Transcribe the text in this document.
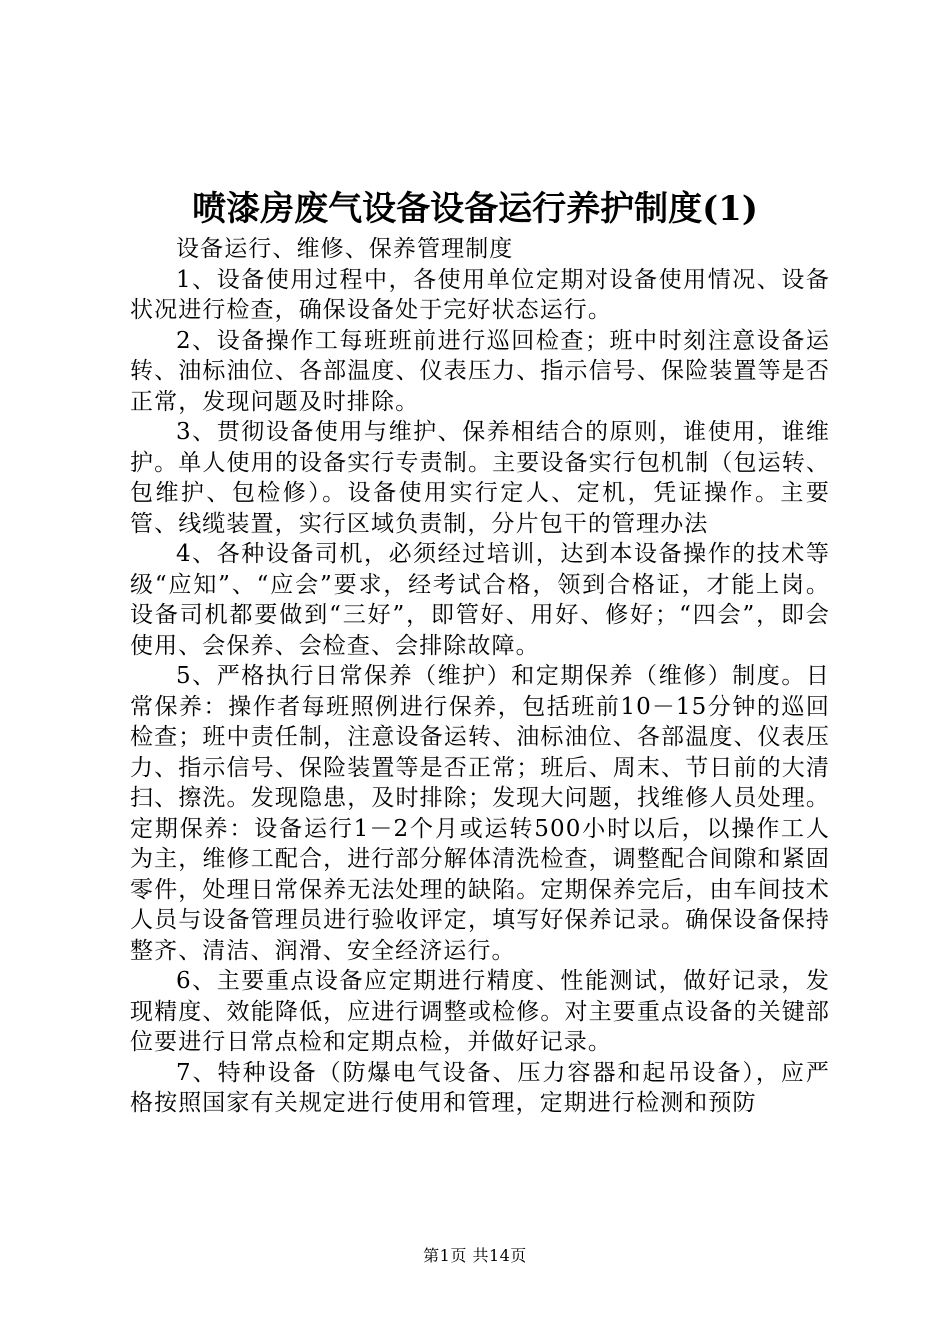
喷漆房废气设备设备运行养护制度(1)

设备运行、维修、保养管理制度

1、设备使用过程中，各使用单位定期对设备使用情况、设备状况进行检查，确保设备处于完好状态运行。

2、设备操作工每班班前进行巡回检查；班中时刻注意设备运转、油标油位、各部温度、仪表压力、指示信号、保险装置等是否正常，发现问题及时排除。

3、贯彻设备使用与维护、保养相结合的原则，谁使用，谁维护。单人使用的设备实行专责制。主要设备实行包机制（包运转、包维护、包检修）。设备使用实行定人、定机，凭证操作。主要管、线缆装置，实行区域负责制，分片包干的管理办法

4、各种设备司机，必须经过培训，达到本设备操作的技术等级“应知”、“应会”要求，经考试合格，领到合格证，才能上岗。设备司机都要做到“三好”，即管好、用好、修好；“四会”，即会使用、会保养、会检查、会排除故障。

5、严格执行日常保养（维护）和定期保养（维修）制度。日常保养：操作者每班照例进行保养，包括班前10－15分钟的巡回检查；班中责任制，注意设备运转、油标油位、各部温度、仪表压力、指示信号、保险装置等是否正常；班后、周末、节日前的大清扫、擦洗。发现隐患，及时排除；发现大问题，找维修人员处理。定期保养：设备运行1－2个月或运转500小时以后，以操作工人为主，维修工配合，进行部分解体清洗检查，调整配合间隙和紧固零件，处理日常保养无法处理的缺陷。定期保养完后，由车间技术人员与设备管理员进行验收评定，填写好保养记录。确保设备保持整齐、清洁、润滑、安全经济运行。

6、主要重点设备应定期进行精度、性能测试，做好记录，发现精度、效能降低，应进行调整或检修。对主要重点设备的关键部位要进行日常点检和定期点检，并做好记录。

7、特种设备（防爆电气设备、压力容器和起吊设备），应严格按照国家有关规定进行使用和管理，定期进行检测和预防

第1页 共14页
